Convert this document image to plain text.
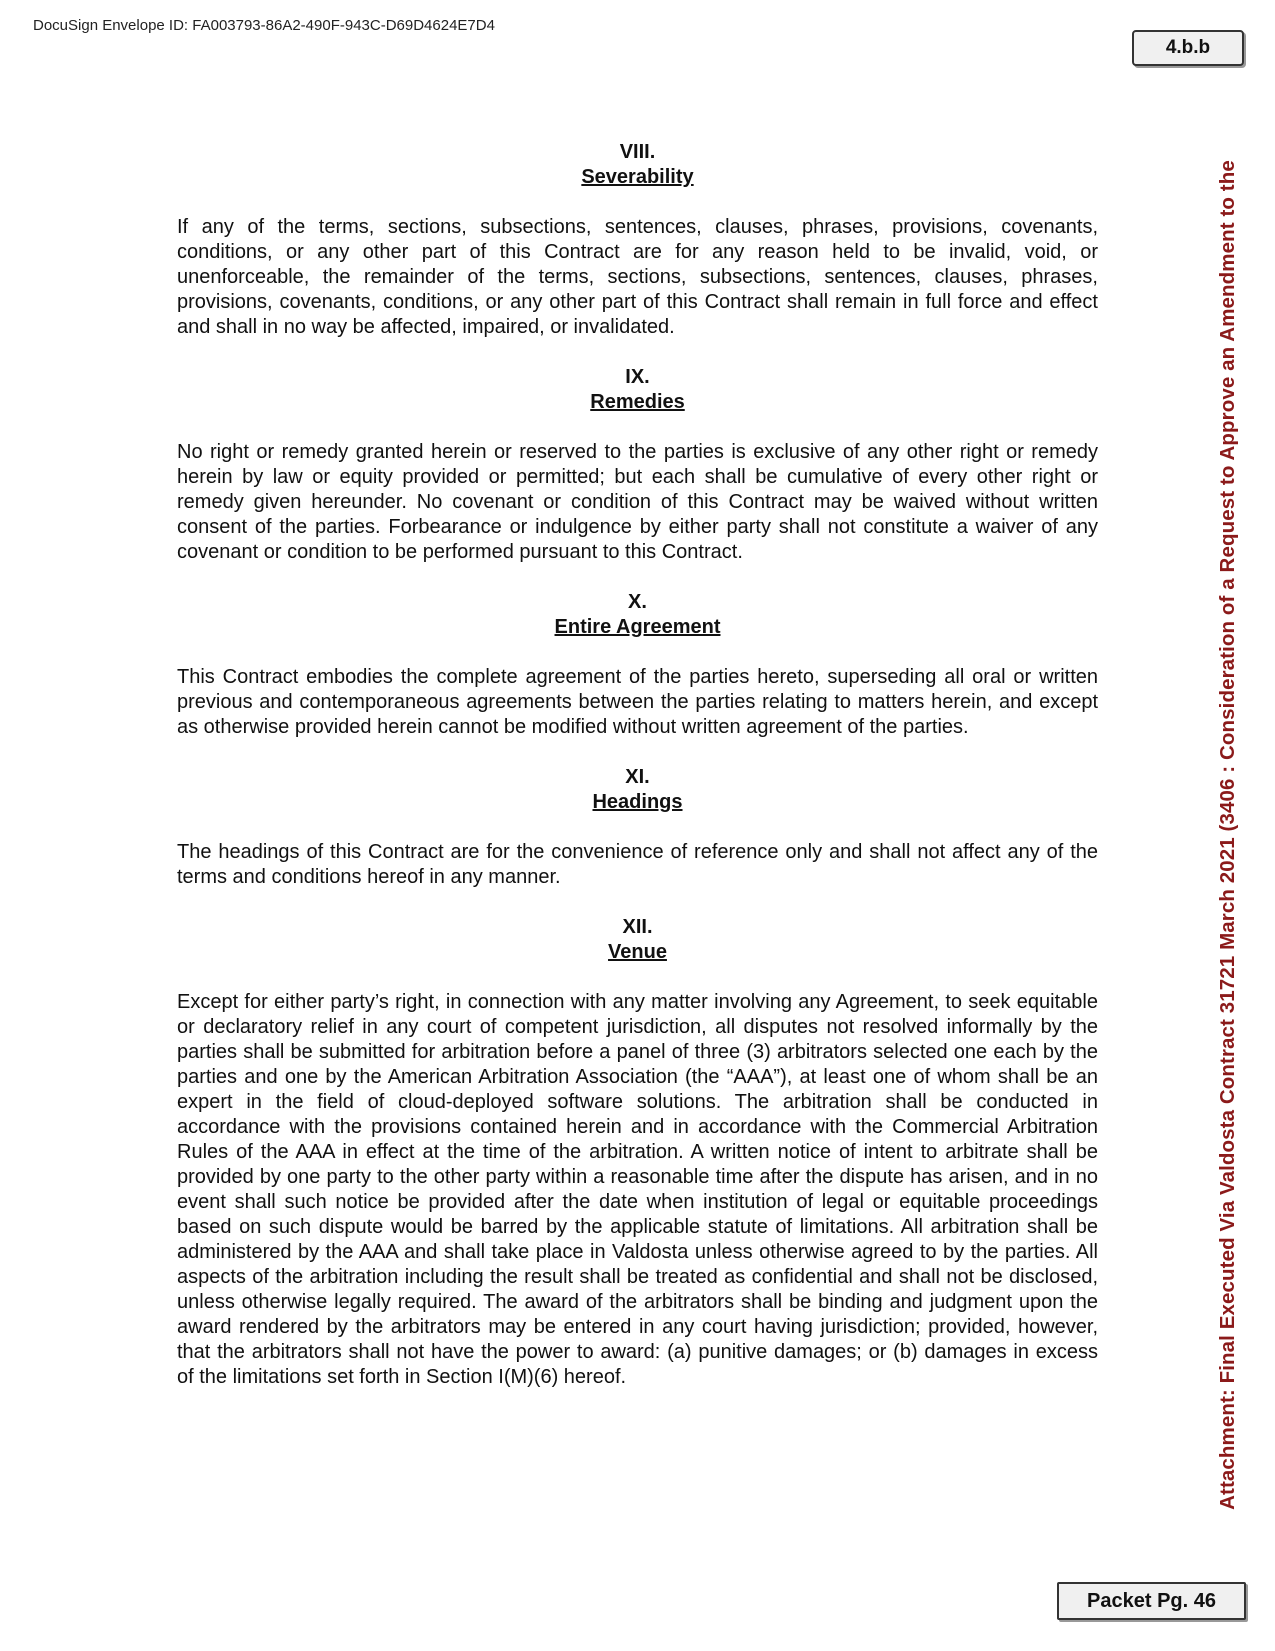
DocuSign Envelope ID: FA003793-86A2-490F-943C-D69D4624E7D4
4.b.b
Attachment: Final Executed Via Valdosta Contract 31721 March 2021 (3406 : Consideration of a Request to Approve an Amendment to the
VIII.
Severability

If any of the terms, sections, subsections, sentences, clauses, phrases, provisions, covenants, conditions, or any other part of this Contract are for any reason held to be invalid, void, or unenforceable, the remainder of the terms, sections, subsections, sentences, clauses, phrases, provisions, covenants, conditions, or any other part of this Contract shall remain in full force and effect and shall in no way be affected, impaired, or invalidated.

IX.
Remedies

No right or remedy granted herein or reserved to the parties is exclusive of any other right or remedy herein by law or equity provided or permitted; but each shall be cumulative of every other right or remedy given hereunder. No covenant or condition of this Contract may be waived without written consent of the parties. Forbearance or indulgence by either party shall not constitute a waiver of any covenant or condition to be performed pursuant to this Contract.

X.
Entire Agreement

This Contract embodies the complete agreement of the parties hereto, superseding all oral or written previous and contemporaneous agreements between the parties relating to matters herein, and except as otherwise provided herein cannot be modified without written agreement of the parties.

XI.
Headings

The headings of this Contract are for the convenience of reference only and shall not affect any of the terms and conditions hereof in any manner.

XII.
Venue

Except for either party’s right, in connection with any matter involving any Agreement, to seek equitable or declaratory relief in any court of competent jurisdiction, all disputes not resolved informally by the parties shall be submitted for arbitration before a panel of three (3) arbitrators selected one each by the parties and one by the American Arbitration Association (the “AAA”), at least one of whom shall be an expert in the field of cloud-deployed software solutions. The arbitration shall be conducted in accordance with the provisions contained herein and in accordance with the Commercial Arbitration Rules of the AAA in effect at the time of the arbitration. A written notice of intent to arbitrate shall be provided by one party to the other party within a reasonable time after the dispute has arisen, and in no event shall such notice be provided after the date when institution of legal or equitable proceedings based on such dispute would be barred by the applicable statute of limitations. All arbitration shall be administered by the AAA and shall take place in Valdosta unless otherwise agreed to by the parties. All aspects of the arbitration including the result shall be treated as confidential and shall not be disclosed, unless otherwise legally required. The award of the arbitrators shall be binding and judgment upon the award rendered by the arbitrators may be entered in any court having jurisdiction; provided, however, that the arbitrators shall not have the power to award: (a) punitive damages; or (b) damages in excess of the limitations set forth in Section I(M)(6) hereof.

Packet Pg. 46
